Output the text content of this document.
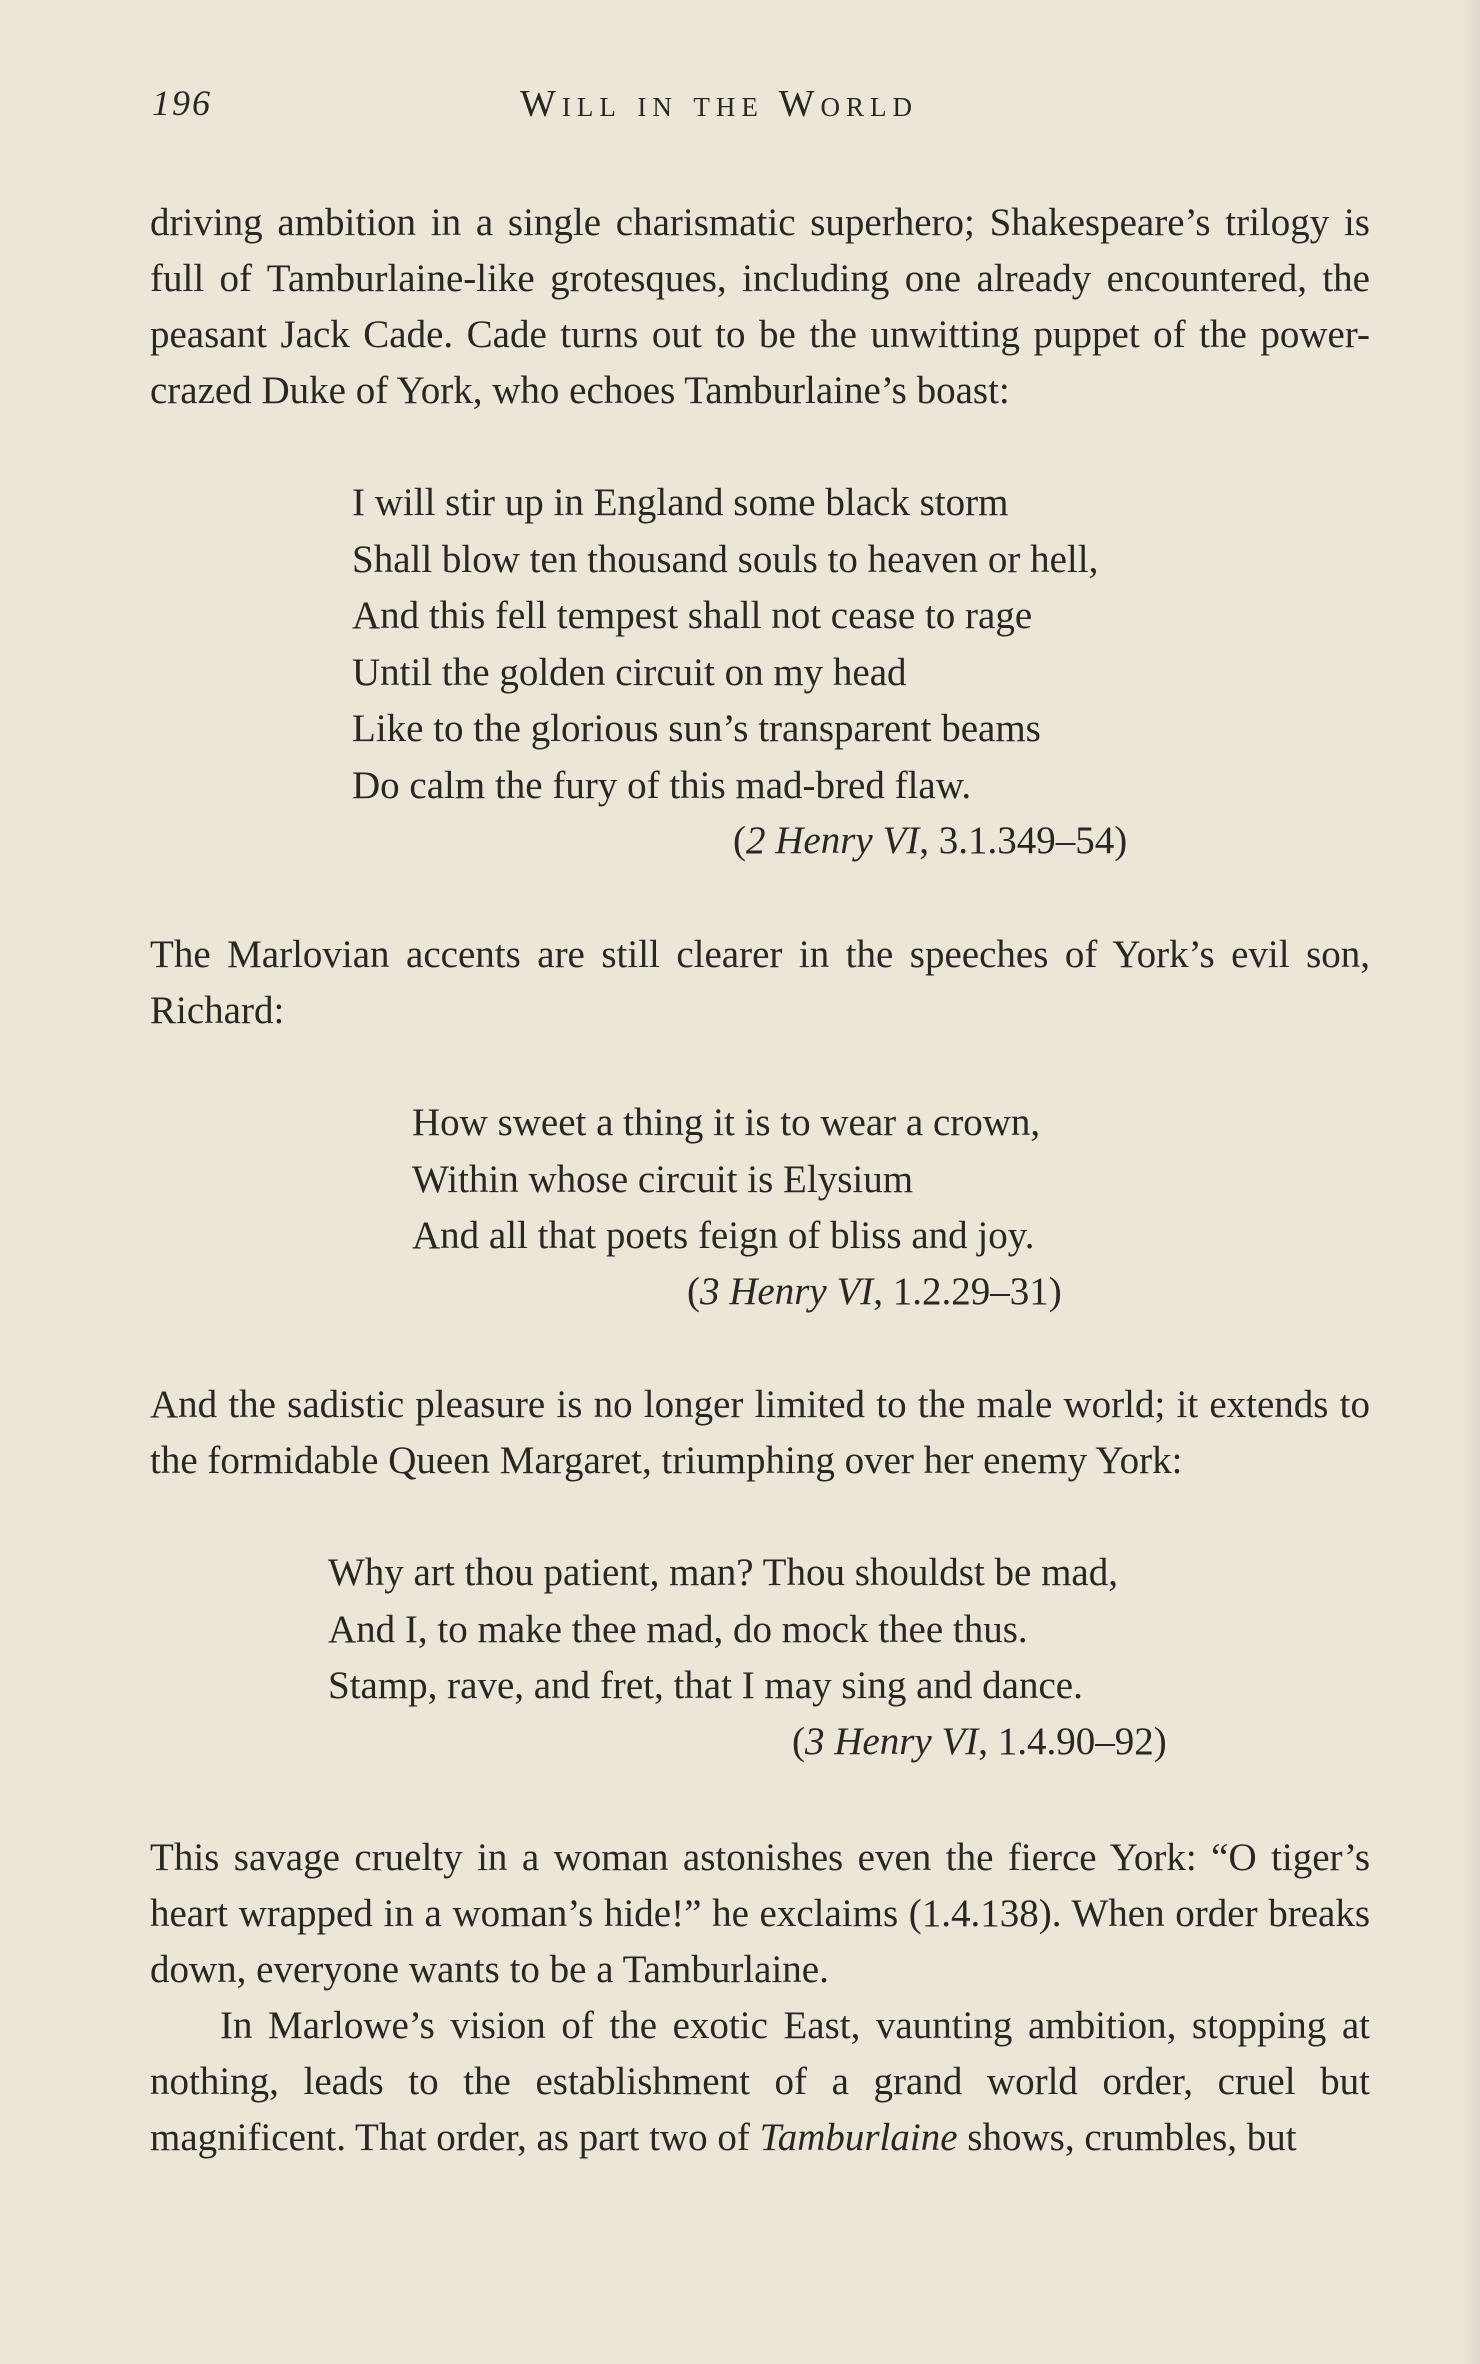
196	Will in the World

driving ambition in a single charismatic superhero; Shakespeare’s trilogy is full of Tamburlaine-like grotesques, including one already encountered, the peasant Jack Cade. Cade turns out to be the unwitting puppet of the power-crazed Duke of York, who echoes Tamburlaine’s boast:

I will stir up in England some black storm
Shall blow ten thousand souls to heaven or hell,
And this fell tempest shall not cease to rage
Until the golden circuit on my head
Like to the glorious sun’s transparent beams
Do calm the fury of this mad-bred flaw.
(2 Henry VI, 3.1.349–54)

The Marlovian accents are still clearer in the speeches of York’s evil son, Richard:

How sweet a thing it is to wear a crown,
Within whose circuit is Elysium
And all that poets feign of bliss and joy.
(3 Henry VI, 1.2.29–31)

And the sadistic pleasure is no longer limited to the male world; it extends to the formidable Queen Margaret, triumphing over her enemy York:

Why art thou patient, man? Thou shouldst be mad,
And I, to make thee mad, do mock thee thus.
Stamp, rave, and fret, that I may sing and dance.
(3 Henry VI, 1.4.90–92)

This savage cruelty in a woman astonishes even the fierce York: “O tiger’s heart wrapped in a woman’s hide!” he exclaims (1.4.138). When order breaks down, everyone wants to be a Tamburlaine.

In Marlowe’s vision of the exotic East, vaunting ambition, stopping at nothing, leads to the establishment of a grand world order, cruel but magnificent. That order, as part two of Tamburlaine shows, crumbles, but
